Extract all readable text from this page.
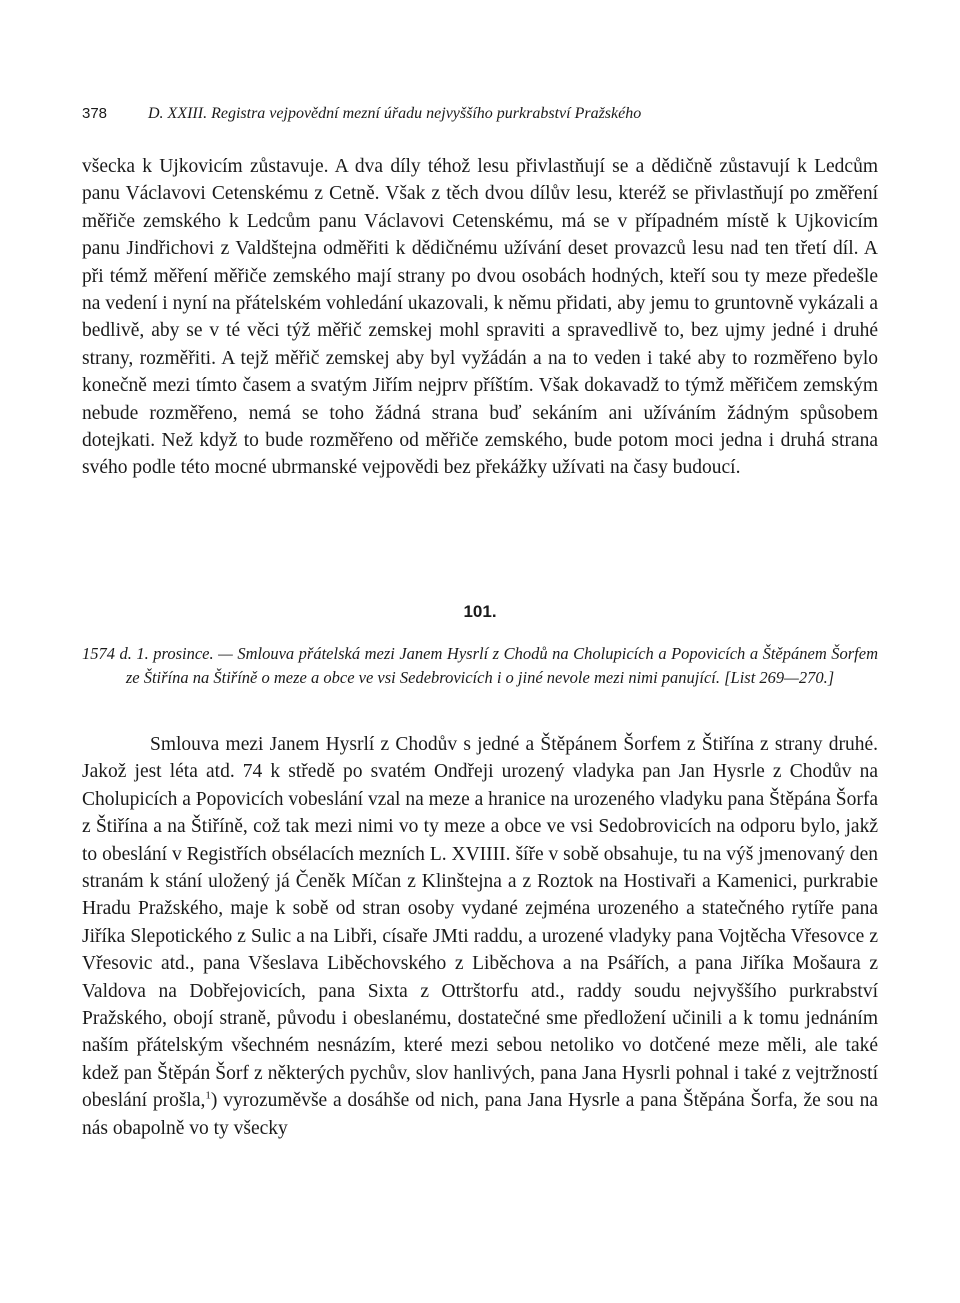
378	D. XXIII. Registra vejpovědní mezní úřadu nejvyššího purkrabství Pražského

všecka k Ujkovicím zůstavuje. A dva díly téhož lesu přivlastňují se a dědičně zůstavují k Ledcům panu Václavovi Cetenskému z Cetně. Však z těch dvou dílův lesu, kteréž se přivlastňují po změření měřiče zemského k Ledcům panu Václavovi Cetenskému, má se v případném místě k Ujkovicím panu Jindřichovi z Valdštejna odměřiti k dědičnému užívání deset provazců lesu nad ten třetí díl. A při témž měření měřiče zemského mají strany po dvou osobách hodných, kteří sou ty meze předešle na vedení i nyní na přátelském vohledání ukazovali, k němu přidati, aby jemu to gruntovně vykázali a bedlivě, aby se v té věci týž měřič zemskej mohl spraviti a spravedlivě to, bez ujmy jedné i druhé strany, rozměřiti. A tejž měřič zemskej aby byl vyžádán a na to veden i také aby to rozměřeno bylo konečně mezi tímto časem a svatým Jiřím nejprv příštím. Však dokavadž to týmž měřičem zemským nebude rozměřeno, nemá se toho žádná strana buď sekáním ani užíváním žádným spůsobem dotejkati. Než když to bude rozměřeno od měřiče zemského, bude potom moci jedna i druhá strana svého podle této mocné ubrmanské vejpovědi bez překážky užívati na časy budoucí.

101.

1574 d. 1. prosince. — Smlouva přátelská mezi Janem Hysrlí z Chodů na Cholupicích a Popovicích a Štěpánem Šorfem ze Štiřína na Štiříně o meze a obce ve vsi Sedebrovicích i o jiné nevole mezi nimi panující. [List 269—270.]

Smlouva mezi Janem Hysrlí z Chodův s jedné a Štěpánem Šorfem z Štiřína z strany druhé. Jakož jest léta atd. 74 k středě po svatém Ondřeji urozený vladyka pan Jan Hysrle z Chodův na Cholupicích a Popovicích vobeslání vzal na meze a hranice na urozeného vladyku pana Štěpána Šorfa z Štiřína a na Štiříně, což tak mezi nimi vo ty meze a obce ve vsi Sedobrovicích na odporu bylo, jakž to obeslání v Registřích obsélacích mezních L. XVIIII. šíře v sobě obsahuje, tu na výš jmenovaný den stranám k stání uložený já Čeněk Míčan z Klinštejna a z Roztok na Hostivaři a Kamenici, purkrabie Hradu Pražského, maje k sobě od stran osoby vydané zejména urozeného a statečného rytíře pana Jiříka Slepotického z Sulic a na Libři, císaře JMti raddu, a urozené vladyky pana Vojtěcha Vřesovce z Vřesovic atd., pana Všeslava Liběchovského z Liběchova a na Psářích, a pana Jiříka Mošaura z Valdova na Dobřejovicích, pana Sixta z Ottrštorfu atd., raddy soudu nejvyššího purkrabství Pražského, obojí straně, původu i obeslanému, dostatečné sme předložení učinili a k tomu jednáním naším přátelským všechném nesnázím, které mezi sebou netoliko vo dotčené meze měli, ale také kdež pan Štěpán Šorf z některých pychův, slov hanlivých, pana Jana Hysrli pohnal i také z vejtržností obeslání prošla,$^1$) vyrozuměvše a dosáhše od nich, pana Jana Hysrle a pana Štěpána Šorfa, že sou na nás obapolně vo ty všecky
